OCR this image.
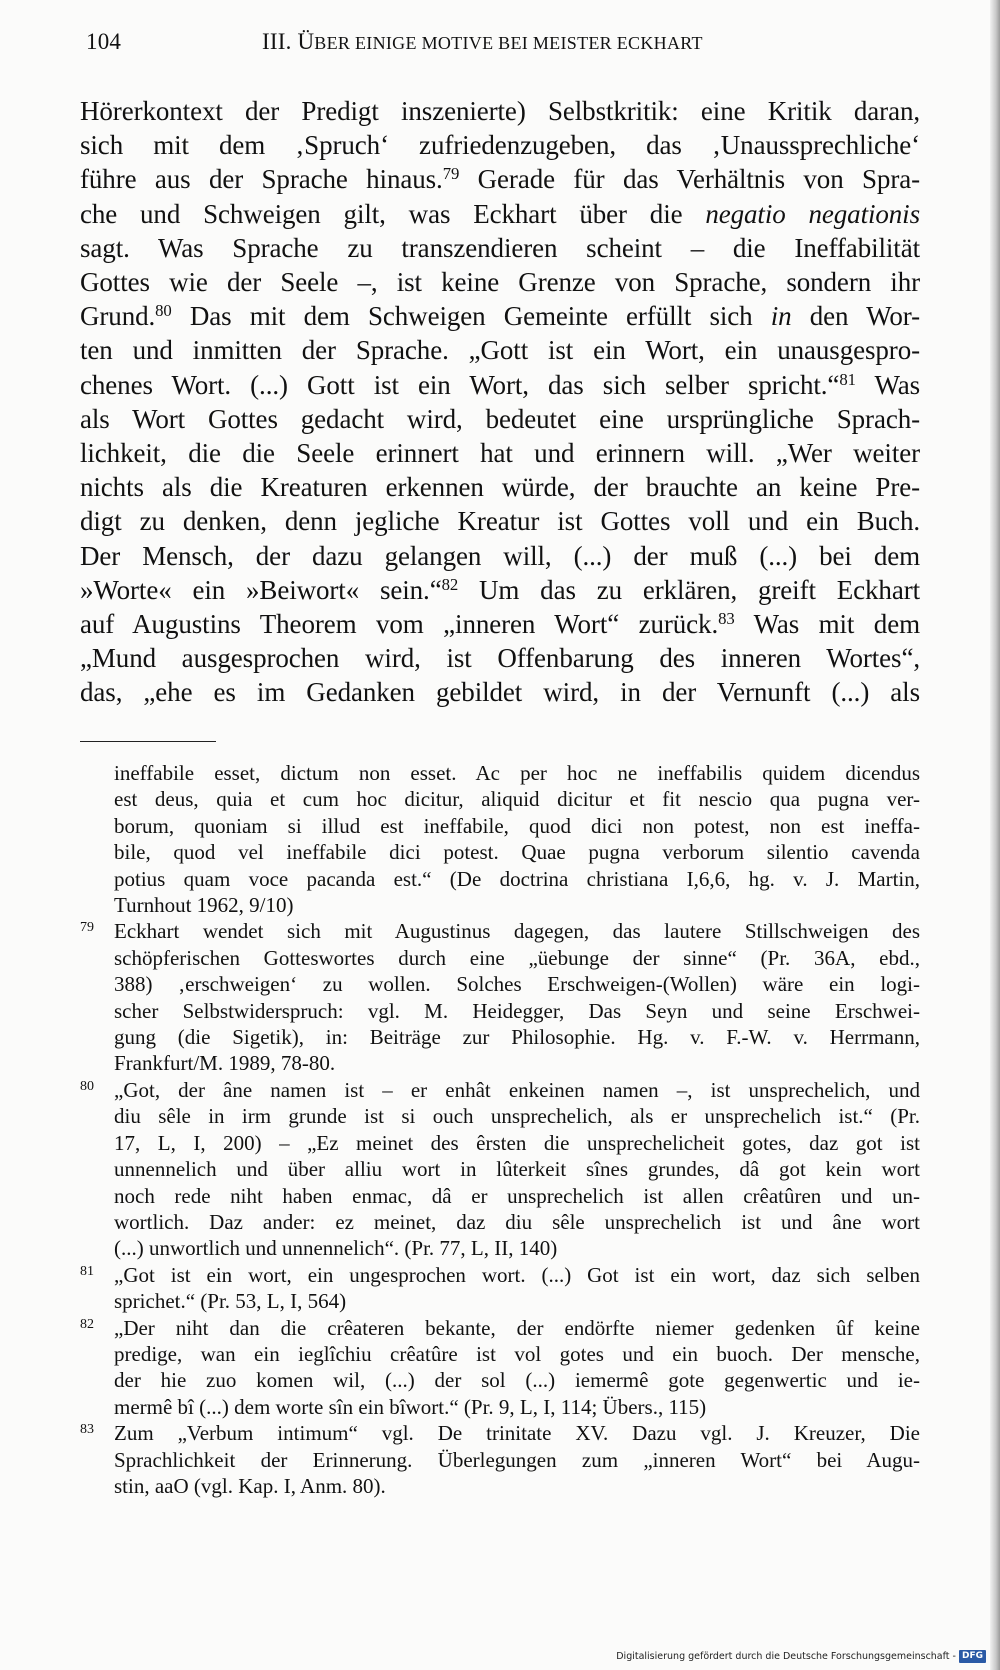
104	III. ÜBER EINIGE MOTIVE BEI MEISTER ECKHART
Hörerkontext der Predigt inszenierte) Selbstkritik: eine Kritik daran,
sich mit dem ‚Spruch‘ zufriedenzugeben, das ‚Unaussprechliche‘
führe aus der Sprache hinaus.$^{79}$ Gerade für das Verhältnis von Spra-
che und Schweigen gilt, was Eckhart über die negatio negationis
sagt. Was Sprache zu transzendieren scheint – die Ineffabilität
Gottes wie der Seele –, ist keine Grenze von Sprache, sondern ihr
Grund.$^{80}$ Das mit dem Schweigen Gemeinte erfüllt sich in den Wor-
ten und inmitten der Sprache. „Gott ist ein Wort, ein unausgespro-
chenes Wort. (...) Gott ist ein Wort, das sich selber spricht.“$^{81}$ Was
als Wort Gottes gedacht wird, bedeutet eine ursprüngliche Sprach-
lichkeit, die die Seele erinnert hat und erinnern will. „Wer weiter
nichts als die Kreaturen erkennen würde, der brauchte an keine Pre-
digt zu denken, denn jegliche Kreatur ist Gottes voll und ein Buch.
Der Mensch, der dazu gelangen will, (...) der muß (...) bei dem
»Worte« ein »Beiwort« sein.“$^{82}$ Um das zu erklären, greift Eckhart
auf Augustins Theorem vom „inneren Wort“ zurück.$^{83}$ Was mit dem
„Mund ausgesprochen wird, ist Offenbarung des inneren Wortes“,
das, „ehe es im Gedanken gebildet wird, in der Vernunft (...) als
ineffabile esset, dictum non esset. Ac per hoc ne ineffabilis quidem dicendus
est deus, quia et cum hoc dicitur, aliquid dicitur et fit nescio qua pugna ver-
borum, quoniam si illud est ineffabile, quod dici non potest, non est ineffa-
bile, quod vel ineffabile dici potest. Quae pugna verborum silentio cavenda
potius quam voce pacanda est.“ (De doctrina christiana I,6,6, hg. v. J. Martin,
Turnhout 1962, 9/10)
79 Eckhart wendet sich mit Augustinus dagegen, das lautere Stillschweigen des
schöpferischen Gotteswortes durch eine „üebunge der sinne“ (Pr. 36A, ebd.,
388) ‚erschweigen‘ zu wollen. Solches Erschweigen-(Wollen) wäre ein logi-
scher Selbstwiderspruch: vgl. M. Heidegger, Das Seyn und seine Erschwei-
gung (die Sigetik), in: Beiträge zur Philosophie. Hg. v. F.-W. v. Herrmann,
Frankfurt/M. 1989, 78-80.
80 „Got, der âne namen ist – er enhât enkeinen namen –, ist unsprechelich, und
diu sêle in irm grunde ist si ouch unsprechelich, als er unsprechelich ist.“ (Pr.
17, L, I, 200) – „Ez meinet des êrsten die unsprechelicheit gotes, daz got ist
unnennelich und über alliu wort in lûterkeit sînes grundes, dâ got kein wort
noch rede niht haben enmac, dâ er unsprechelich ist allen crêatûren und un-
wortlich. Daz ander: ez meinet, daz diu sêle unsprechelich ist und âne wort
(...) unwortlich und unnennelich“. (Pr. 77, L, II, 140)
81 „Got ist ein wort, ein ungesprochen wort. (...) Got ist ein wort, daz sich selben
sprichet.“ (Pr. 53, L, I, 564)
82 „Der niht dan die crêateren bekante, der endörfte niemer gedenken ûf keine
predige, wan ein ieglîchiu crêatûre ist vol gotes und ein buoch. Der mensche,
der hie zuo komen wil, (...) der sol (...) iemermê gote gegenwertic und ie-
mermê bî (...) dem worte sîn ein bîwort.“ (Pr. 9, L, I, 114; Übers., 115)
83 Zum „Verbum intimum“ vgl. De trinitate XV. Dazu vgl. J. Kreuzer, Die
Sprachlichkeit der Erinnerung. Überlegungen zum „inneren Wort“ bei Augu-
stin, aaO (vgl. Kap. I, Anm. 80).
Digitalisierung gefördert durch die Deutsche Forschungsgemeinschaft - DFG
